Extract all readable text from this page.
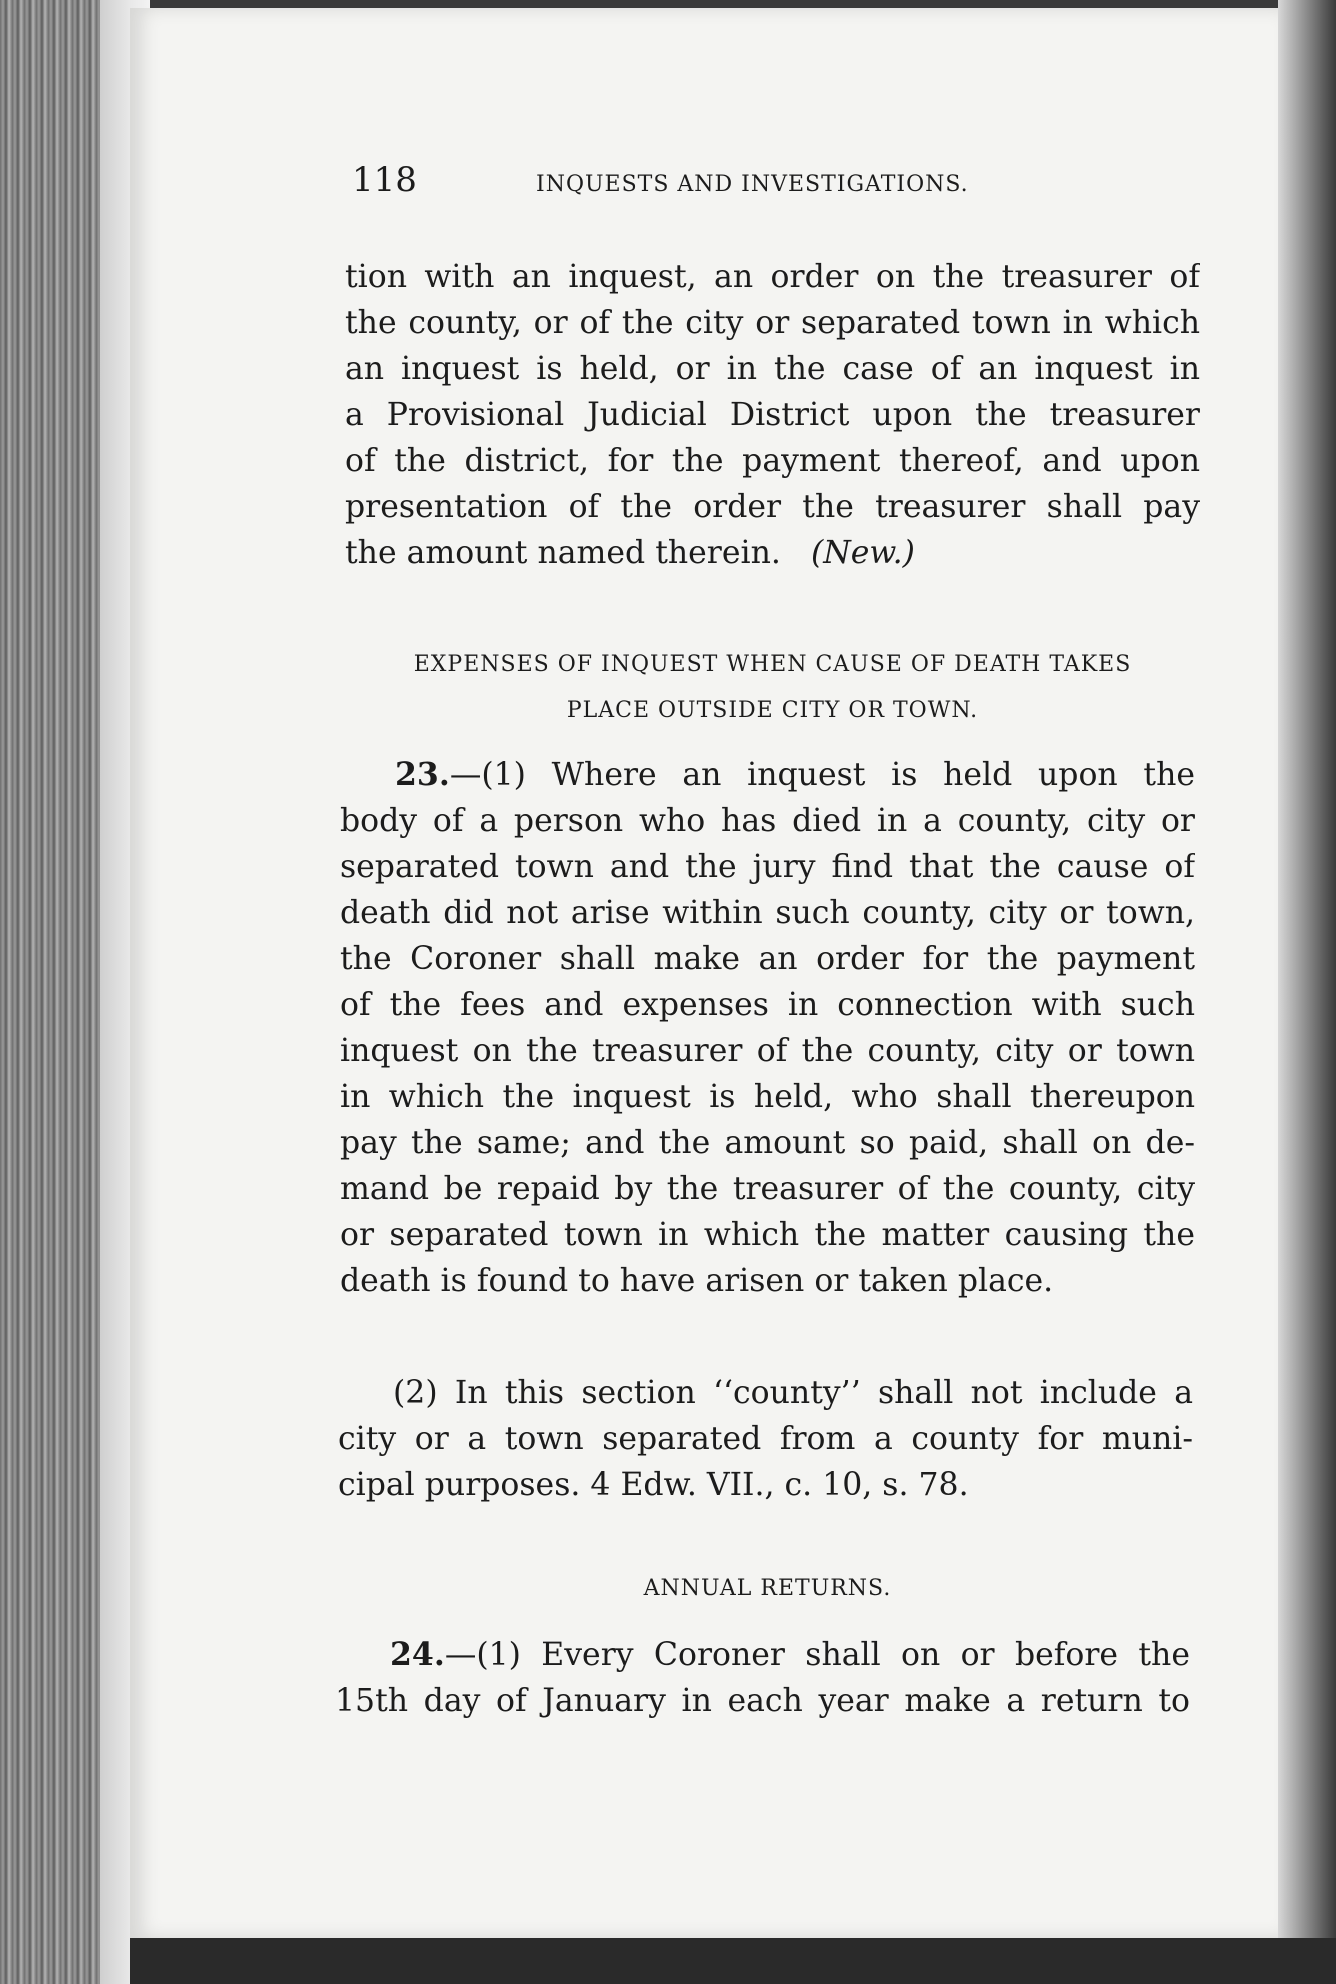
118	INQUESTS AND INVESTIGATIONS.
tion with an inquest, an order on the treasurer of
the county, or of the city or separated town in which
an inquest is held, or in the case of an inquest in
a Provisional Judicial District upon the treasurer
of the district, for the payment thereof, and upon
presentation of the order the treasurer shall pay
the amount named therein. (New.)
EXPENSES OF INQUEST WHEN CAUSE OF DEATH TAKES
PLACE OUTSIDE CITY OR TOWN.
23.—(1) Where an inquest is held upon the
body of a person who has died in a county, city or
separated town and the jury find that the cause of
death did not arise within such county, city or town,
the Coroner shall make an order for the payment
of the fees and expenses in connection with such
inquest on the treasurer of the county, city or town
in which the inquest is held, who shall thereupon
pay the same; and the amount so paid, shall on de-
mand be repaid by the treasurer of the county, city
or separated town in which the matter causing the
death is found to have arisen or taken place.
(2) In this section ‘‘county’’ shall not include a
city or a town separated from a county for muni-
cipal purposes. 4 Edw. VII., c. 10, s. 78.
ANNUAL RETURNS.
24.—(1) Every Coroner shall on or before the
15th day of January in each year make a return to
